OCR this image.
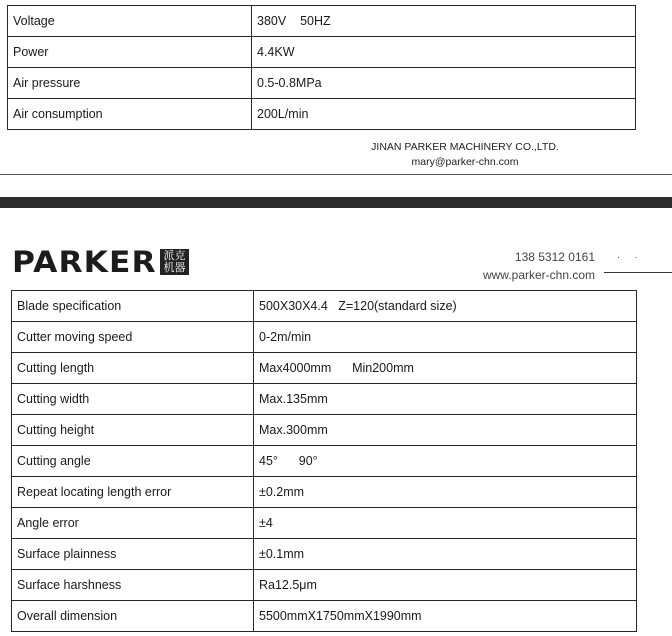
Voltage	380V    50HZ
Power	4.4KW
Air pressure	0.5-0.8MPa
Air consumption	200L/min
JINAN PARKER MACHINERY CO.,LTD.
mary@parker-chn.com
PARKER 派克
机器
138 5312 0161
www.parker-chn.com
· ·
Blade specification	500X30X4.4   Z=120(standard size)
Cutter moving speed	0-2m/min
Cutting length	Max4000mm      Min200mm
Cutting width	Max.135mm
Cutting height	Max.300mm
Cutting angle	45°      90°
Repeat locating length error	±0.2mm
Angle error	±4
Surface plainness	±0.1mm
Surface harshness	Ra12.5μm
Overall dimension	5500mmX1750mmX1990mm
